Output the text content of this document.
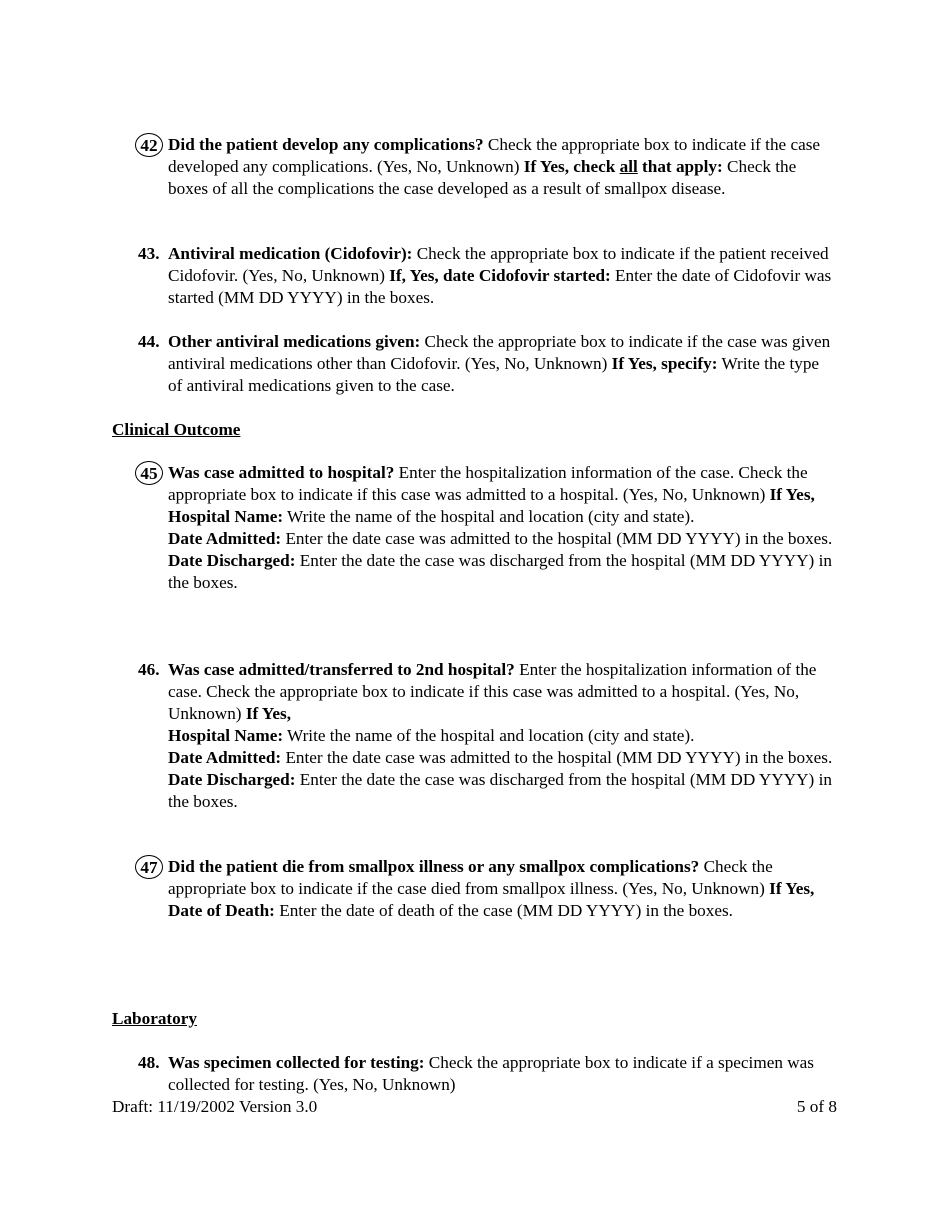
42 Did the patient develop any complications? Check the appropriate box to indicate if the case developed any complications. (Yes, No, Unknown) If Yes, check all that apply: Check the boxes of all the complications the case developed as a result of smallpox disease.
43. Antiviral medication (Cidofovir): Check the appropriate box to indicate if the patient received Cidofovir. (Yes, No, Unknown) If, Yes, date Cidofovir started: Enter the date of Cidofovir was started (MM DD YYYY) in the boxes.
44. Other antiviral medications given: Check the appropriate box to indicate if the case was given antiviral medications other than Cidofovir. (Yes, No, Unknown) If Yes, specify: Write the type of antiviral medications given to the case.
Clinical Outcome
45 Was case admitted to hospital? Enter the hospitalization information of the case. Check the appropriate box to indicate if this case was admitted to a hospital. (Yes, No, Unknown) If Yes,
Hospital Name: Write the name of the hospital and location (city and state).
Date Admitted: Enter the date case was admitted to the hospital (MM DD YYYY) in the boxes.
Date Discharged: Enter the date the case was discharged from the hospital (MM DD YYYY) in the boxes.
46. Was case admitted/transferred to 2nd hospital? Enter the hospitalization information of the case. Check the appropriate box to indicate if this case was admitted to a hospital. (Yes, No, Unknown) If Yes,
Hospital Name: Write the name of the hospital and location (city and state).
Date Admitted: Enter the date case was admitted to the hospital (MM DD YYYY) in the boxes.
Date Discharged: Enter the date the case was discharged from the hospital (MM DD YYYY) in the boxes.
47 Did the patient die from smallpox illness or any smallpox complications? Check the appropriate box to indicate if the case died from smallpox illness. (Yes, No, Unknown) If Yes, Date of Death: Enter the date of death of the case (MM DD YYYY) in the boxes.
Laboratory
48. Was specimen collected for testing: Check the appropriate box to indicate if a specimen was collected for testing. (Yes, No, Unknown)
Draft: 11/19/2002 Version 3.0	5 of 8
